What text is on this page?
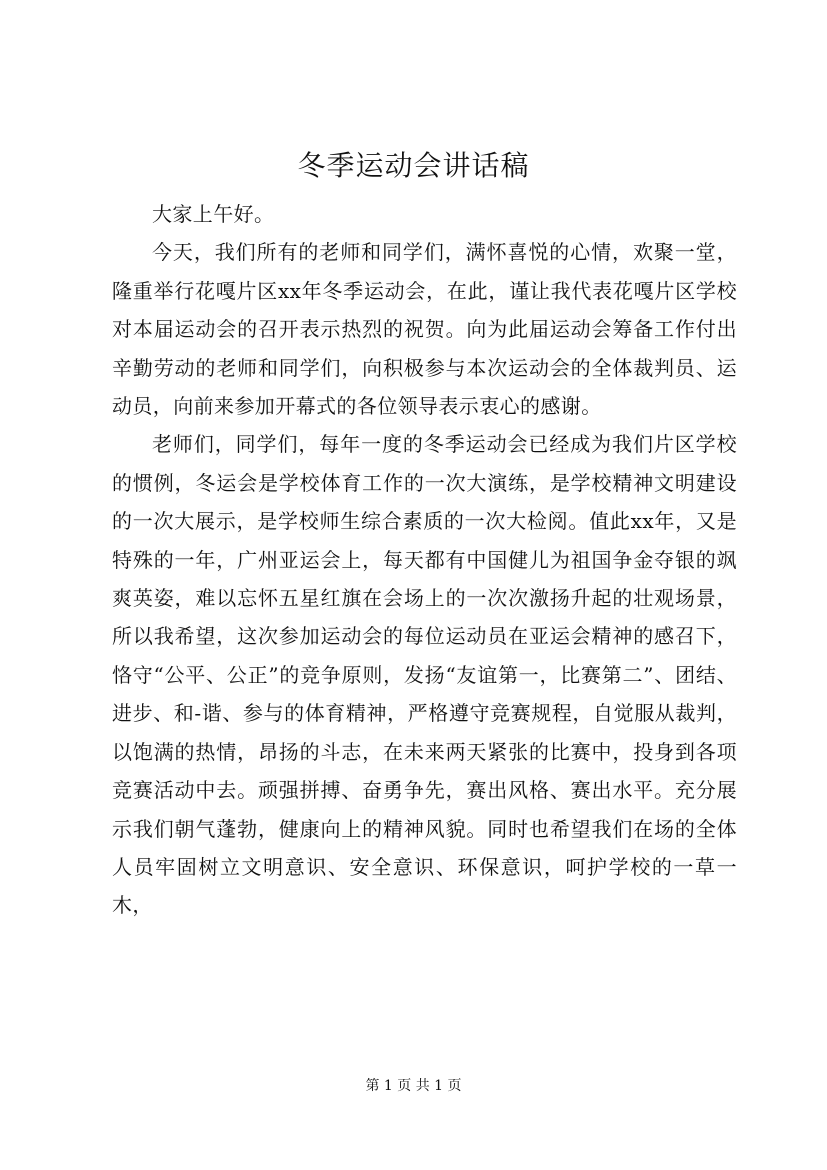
冬季运动会讲话稿

大家上午好。

今天，我们所有的老师和同学们，满怀喜悦的心情，欢聚一堂，隆重举行花嘎片区xx年冬季运动会，在此，谨让我代表花嘎片区学校对本届运动会的召开表示热烈的祝贺。向为此届运动会筹备工作付出辛勤劳动的老师和同学们，向积极参与本次运动会的全体裁判员、运动员，向前来参加开幕式的各位领导表示衷心的感谢。

老师们，同学们，每年一度的冬季运动会已经成为我们片区学校的惯例，冬运会是学校体育工作的一次大演练，是学校精神文明建设的一次大展示，是学校师生综合素质的一次大检阅。值此xx年，又是特殊的一年，广州亚运会上，每天都有中国健儿为祖国争金夺银的飒爽英姿，难以忘怀五星红旗在会场上的一次次激扬升起的壮观场景，所以我希望，这次参加运动会的每位运动员在亚运会精神的感召下，恪守“公平、公正”的竞争原则，发扬“友谊第一，比赛第二”、团结、进步、和-谐、参与的体育精神，严格遵守竞赛规程，自觉服从裁判，以饱满的热情，昂扬的斗志，在未来两天紧张的比赛中，投身到各项竞赛活动中去。顽强拼搏、奋勇争先，赛出风格、赛出水平。充分展示我们朝气蓬勃，健康向上的精神风貌。同时也希望我们在场的全体人员牢固树立文明意识、安全意识、环保意识，呵护学校的一草一木，

第 1 页 共 1 页
